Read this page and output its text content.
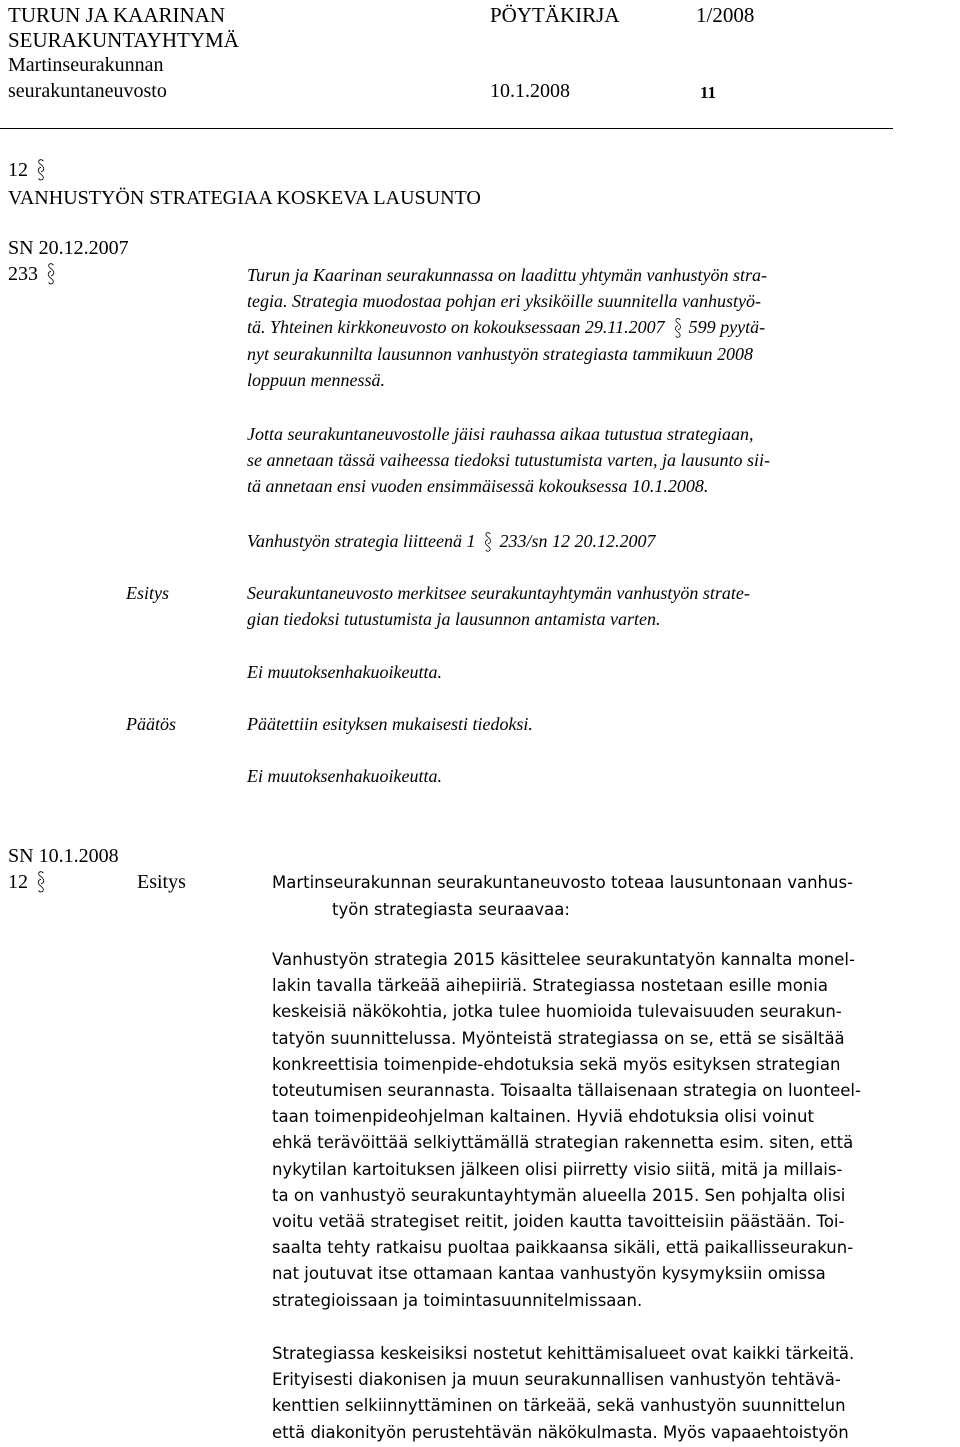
TURUN JA KAARINAN
SEURAKUNTAYHTYMÄ
Martinseurakunnan
seurakuntaneuvosto
PÖYTÄKIRJA	1/2008
10.1.2008	11
12
VANHUSTYÖN STRATEGIAA KOSKEVA LAUSUNTO
SN 20.12.2007
233	Turun ja Kaarinan seurakunnassa on laadittu yhtymän vanhustyön stra-
tegia. Strategia muodostaa pohjan eri yksiköille suunnitella vanhustyö-
tä. Yhteinen kirkkoneuvosto on kokouksessaan 29.11.2007 599 pyytä-
nyt seurakunnilta lausunnon vanhustyön strategiasta tammikuun 2008
loppuun mennessä.
Jotta seurakuntaneuvostolle jäisi rauhassa aikaa tutustua strategiaan,
se annetaan tässä vaiheessa tiedoksi tutustumista varten, ja lausunto sii-
tä annetaan ensi vuoden ensimmäisessä kokouksessa 10.1.2008.
Vanhustyön strategia liitteenä 1 233/sn 12 20.12.2007
Esitys	Seurakuntaneuvosto merkitsee seurakuntayhtymän vanhustyön strate-
gian tiedoksi tutustumista ja lausunnon antamista varten.
Ei muutoksenhakuoikeutta.
Päätös	Päätettiin esityksen mukaisesti tiedoksi.
Ei muutoksenhakuoikeutta.
SN 10.1.2008
12	Esitys	Martinseurakunnan seurakuntaneuvosto toteaa lausuntonaan vanhus-
työn strategiasta seuraavaa:
Vanhustyön strategia 2015 käsittelee seurakuntatyön kannalta monel-
lakin tavalla tärkeää aihepiiriä. Strategiassa nostetaan esille monia
keskeisiä näkökohtia, jotka tulee huomioida tulevaisuuden seurakun-
tatyön suunnittelussa. Myönteistä strategiassa on se, että se sisältää
konkreettisia toimenpide-ehdotuksia sekä myös esityksen strategian
toteutumisen seurannasta. Toisaalta tällaisenaan strategia on luonteel-
taan toimenpideohjelman kaltainen. Hyviä ehdotuksia olisi voinut
ehkä terävöittää selkiyttämällä strategian rakennetta esim. siten, että
nykytilan kartoituksen jälkeen olisi piirretty visio siitä, mitä ja millais-
ta on vanhustyö seurakuntayhtymän alueella 2015. Sen pohjalta olisi
voitu vetää strategiset reitit, joiden kautta tavoitteisiin päästään. Toi-
saalta tehty ratkaisu puoltaa paikkaansa sikäli, että paikallisseurakun-
nat joutuvat itse ottamaan kantaa vanhustyön kysymyksiin omissa
strategioissaan ja toimintasuunnitelmissaan.
Strategiassa keskeisiksi nostetut kehittämisalueet ovat kaikki tärkeitä.
Erityisesti diakonisen ja muun seurakunnallisen vanhustyön tehtävä-
kenttien selkiinnyttäminen on tärkeää, sekä vanhustyön suunnittelun
että diakonityön perustehtävän näkökulmasta. Myös vapaaehtoistyön
